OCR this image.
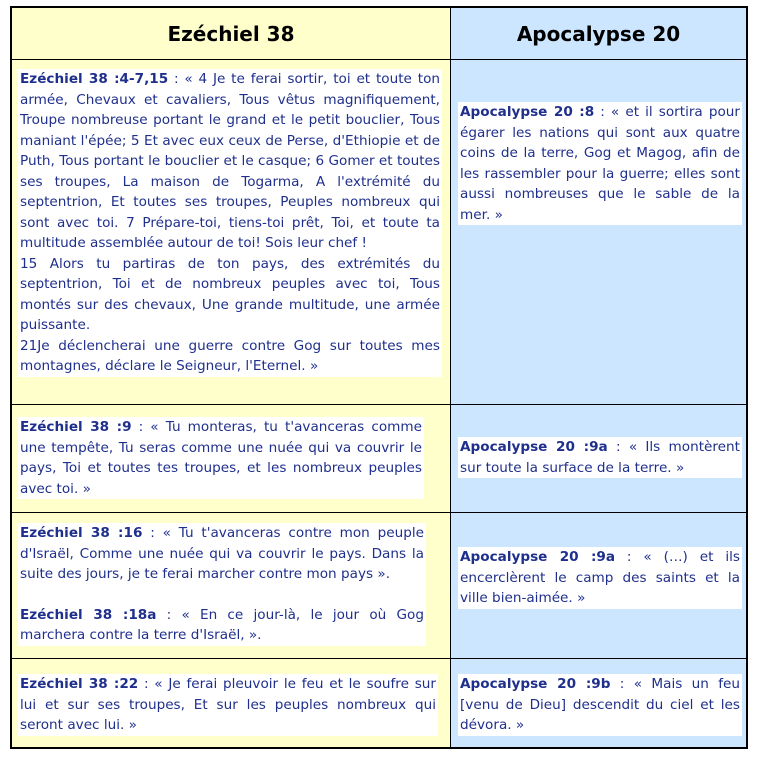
Ezéchiel 38	Apocalypse 20

Ezéchiel 38 :4-7,15 : « 4 Je te ferai sortir, toi et toute ton armée, Chevaux et cavaliers, Tous vêtus magnifiquement, Troupe nombreuse portant le grand et le petit bouclier, Tous maniant l'épée; 5 Et avec eux ceux de Perse, d'Ethiopie et de Puth, Tous portant le bouclier et le casque; 6 Gomer et toutes ses troupes, La maison de Togarma, A l'extrémité du septentrion, Et toutes ses troupes, Peuples nombreux qui sont avec toi. 7 Prépare-toi, tiens-toi prêt, Toi, et toute ta multitude assemblée autour de toi! Sois leur chef !

15 Alors tu partiras de ton pays, des extrémités du septentrion, Toi et de nombreux peuples avec toi, Tous montés sur des chevaux, Une grande multitude, une armée puissante.

21Je déclencherai une guerre contre Gog sur toutes mes montagnes, déclare le Seigneur, l'Eternel. »

Apocalypse 20 :8 : « et il sortira pour égarer les nations qui sont aux quatre coins de la terre, Gog et Magog, afin de les rassembler pour la guerre; elles sont aussi nombreuses que le sable de la mer. »

Ezéchiel 38 :9 : « Tu monteras, tu t'avanceras comme une tempête, Tu seras comme une nuée qui va couvrir le pays, Toi et toutes tes troupes, et les nombreux peuples avec toi. »

Apocalypse 20 :9a : « Ils montèrent sur toute la surface de la terre. »

Ezéchiel 38 :16 : « Tu t'avanceras contre mon peuple d'Israël, Comme une nuée qui va couvrir le pays. Dans la suite des jours, je te ferai marcher contre mon pays ».

Ezéchiel 38 :18a : « En ce jour-là, le jour où Gog marchera contre la terre d'Israël, ».

Apocalypse 20 :9a : « (…) et ils encerclèrent le camp des saints et la ville bien-aimée. »

Ezéchiel 38 :22 : « Je ferai pleuvoir le feu et le soufre sur lui et sur ses troupes, Et sur les peuples nombreux qui seront avec lui. »

Apocalypse 20 :9b : « Mais un feu [venu de Dieu] descendit du ciel et les dévora. »
